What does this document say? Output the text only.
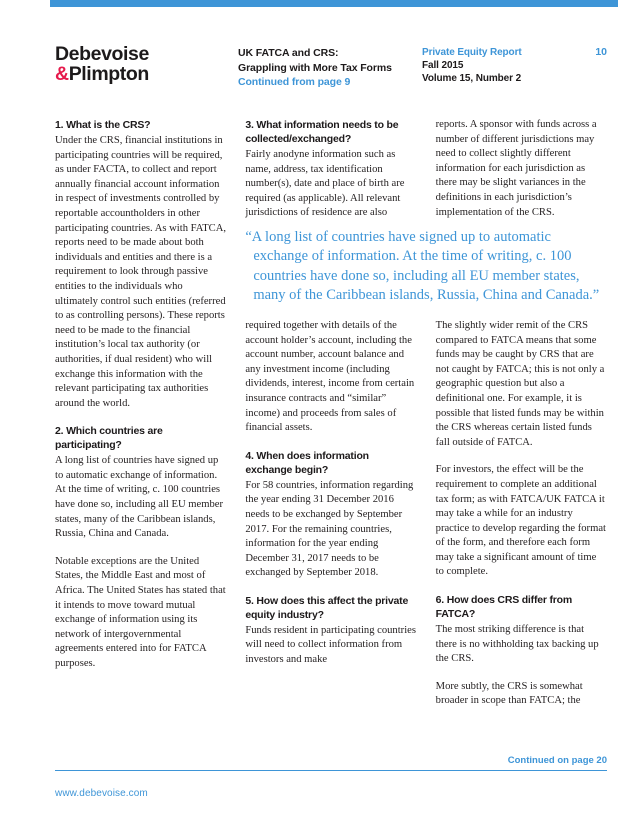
Debevoise
&Plimpton
UK FATCA and CRS:
Grappling with More Tax Forms
Continued from page 9
Private Equity Report
Fall 2015
Volume 15, Number 2
10
1. What is the CRS?

Under the CRS, financial institutions in participating countries will be required, as under FACTA, to collect and report annually financial account information in respect of investments controlled by reportable accountholders in other participating countries. As with FATCA, reports need to be made about both individuals and entities and there is a requirement to look through passive entities to the individuals who ultimately control such entities (referred to as controlling persons). These reports need to be made to the financial institution’s local tax authority (or authorities, if dual resident) who will exchange this information with the relevant participating tax authorities around the world.

2. Which countries are participating?

A long list of countries have signed up to automatic exchange of information. At the time of writing, c. 100 countries have done so, including all EU member states, many of the Caribbean islands, Russia, China and Canada.

Notable exceptions are the United States, the Middle East and most of Africa. The United States has stated that it intends to move toward mutual exchange of information using its network of intergovernmental agreements entered into for FATCA purposes.

3. What information needs to be collected/exchanged?

Fairly anodyne information such as name, address, tax identification number(s), date and place of birth are required (as applicable). All relevant jurisdictions of residence are also

reports. A sponsor with funds across a number of different jurisdictions may need to collect slightly different information for each jurisdiction as there may be slight variances in the definitions in each jurisdiction’s implementation of the CRS.

“A long list of countries have signed up to automatic exchange of information. At the time of writing, c. 100 countries have done so, including all EU member states, many of the Caribbean islands, Russia, China and Canada.”

required together with details of the account holder’s account, including the account number, account balance and any investment income (including dividends, interest, income from certain insurance contracts and “similar” income) and proceeds from sales of financial assets.

4. When does information exchange begin?

For 58 countries, information regarding the year ending 31 December 2016 needs to be exchanged by September 2017. For the remaining countries, information for the year ending December 31, 2017 needs to be exchanged by September 2018.

5. How does this affect the private equity industry?

Funds resident in participating countries will need to collect information from investors and make

The slightly wider remit of the CRS compared to FATCA means that some funds may be caught by CRS that are not caught by FATCA; this is not only a geographic question but also a definitional one. For example, it is possible that listed funds may be within the CRS whereas certain listed funds fall outside of FATCA.

For investors, the effect will be the requirement to complete an additional tax form; as with FATCA/UK FATCA it may take a while for an industry practice to develop regarding the format of the form, and therefore each form may take a significant amount of time to complete.

6. How does CRS differ from FATCA?

The most striking difference is that there is no withholding tax backing up the CRS.

More subtly, the CRS is somewhat broader in scope than FATCA; the

Continued on page 20
www.debevoise.com
